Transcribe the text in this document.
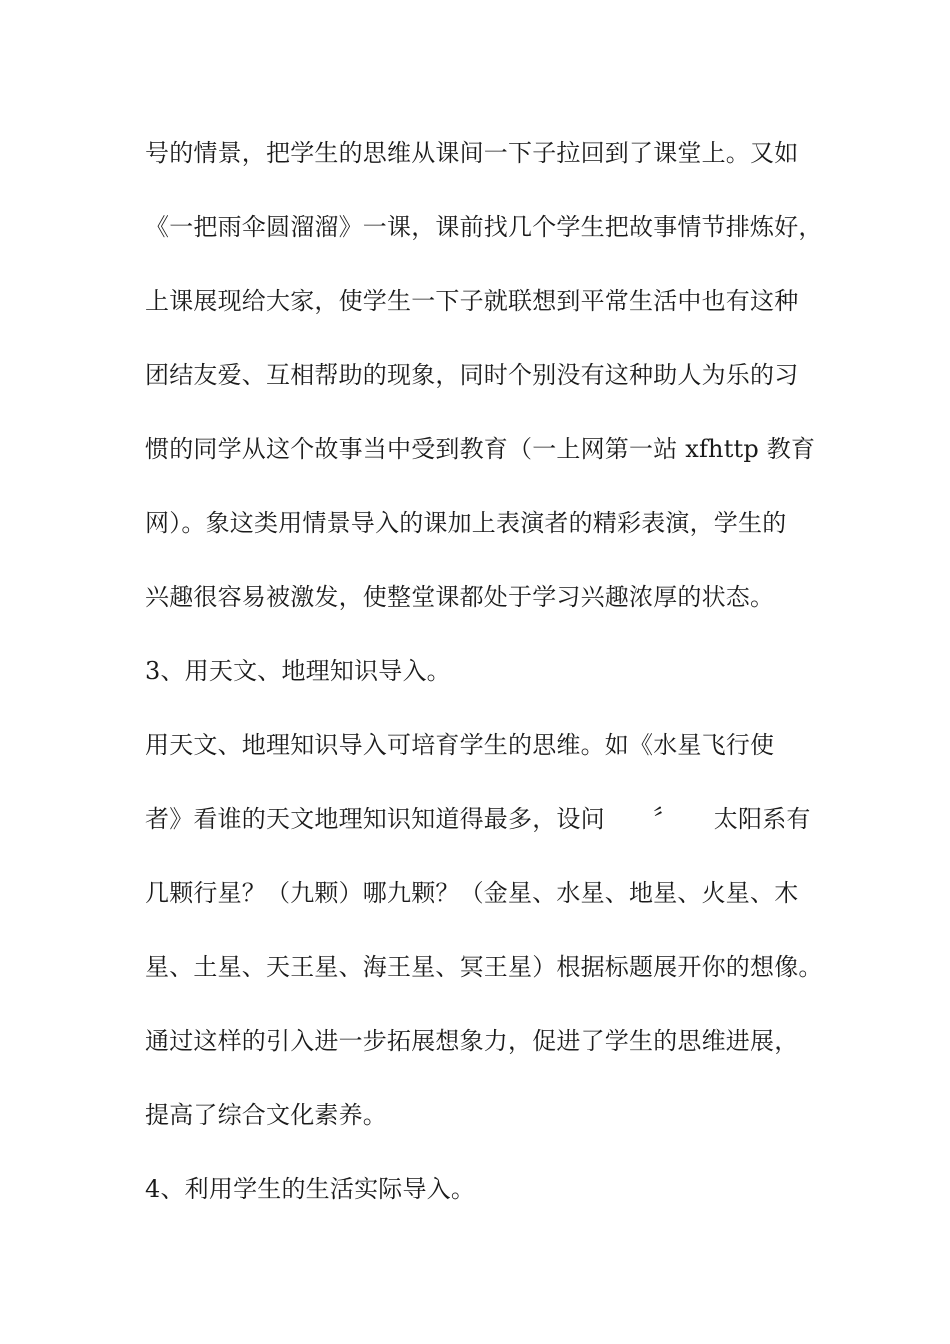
号的情景，把学生的思维从课间一下子拉回到了课堂上。又如
《一把雨伞圆溜溜》一课，课前找几个学生把故事情节排炼好，
上课展现给大家，使学生一下子就联想到平常生活中也有这种
团结友爱、互相帮助的现象，同时个别没有这种助人为乐的习
惯的同学从这个故事当中受到教育（一上网第一站 xfhttp 教育
网）。象这类用情景导入的课加上表演者的精彩表演，学生的
兴趣很容易被激发，使整堂课都处于学习兴趣浓厚的状态。
3、用天文、地理知识导入。
用天文、地理知识导入可培育学生的思维。如《水星飞行使
者》看谁的天文地理知识知道得最多，设问　　〞　　太阳系有
几颗行星？（九颗）哪九颗？（金星、水星、地星、火星、木
星、土星、天王星、海王星、冥王星）根据标题展开你的想像。
通过这样的引入进一步拓展想象力，促进了学生的思维进展，
提高了综合文化素养。
4、利用学生的生活实际导入。
